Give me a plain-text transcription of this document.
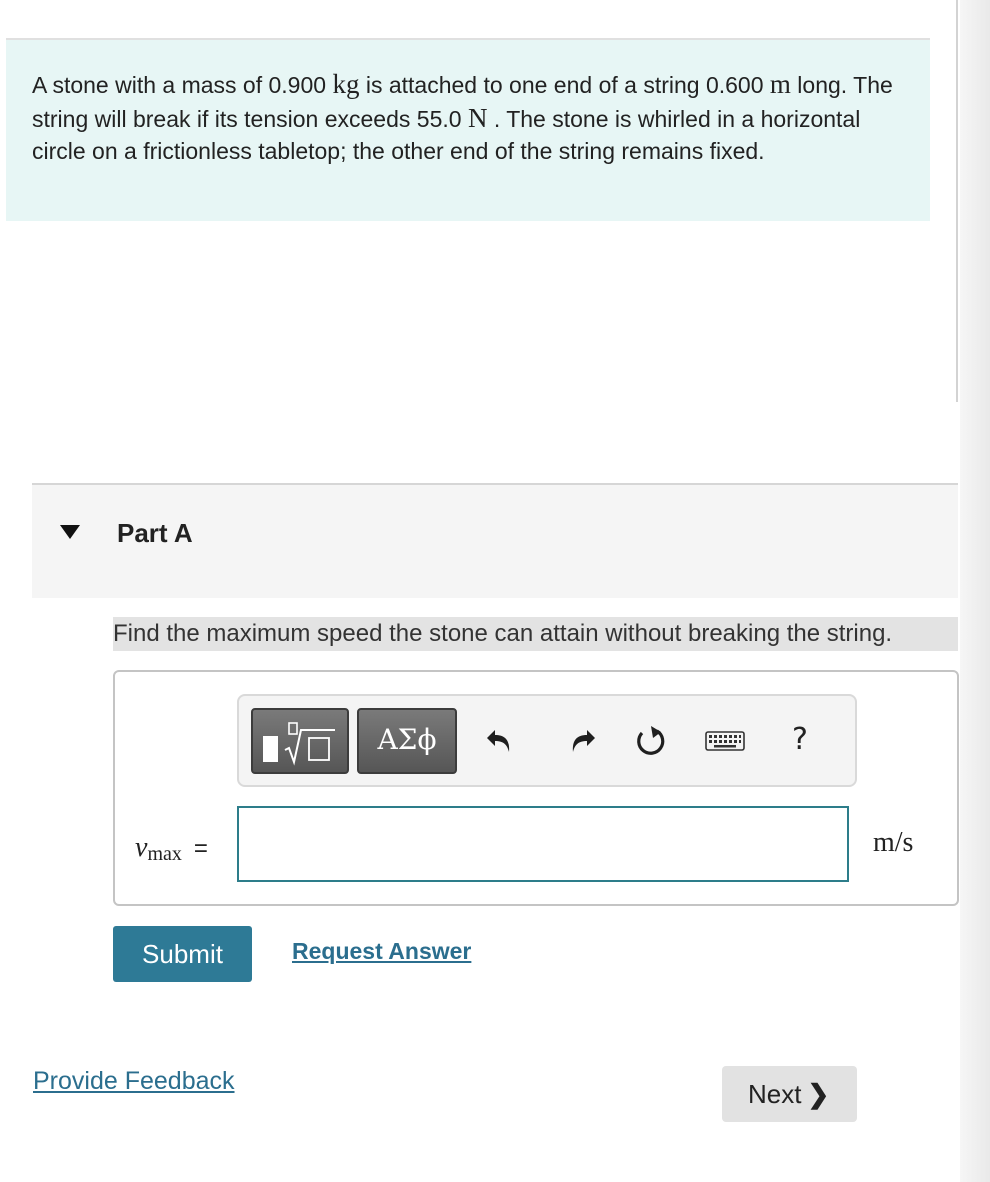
A stone with a mass of 0.900 kg is attached to one end of a string 0.600 m long. The string will break if its tension exceeds 55.0 N . The stone is whirled in a horizontal circle on a frictionless tabletop; the other end of the string remains fixed.

Part A
Find the maximum speed the stone can attain without breaking the string.
ΑΣϕ	?
vmax =	m/s
Submit	Request Answer
Provide Feedback	Next ❯
